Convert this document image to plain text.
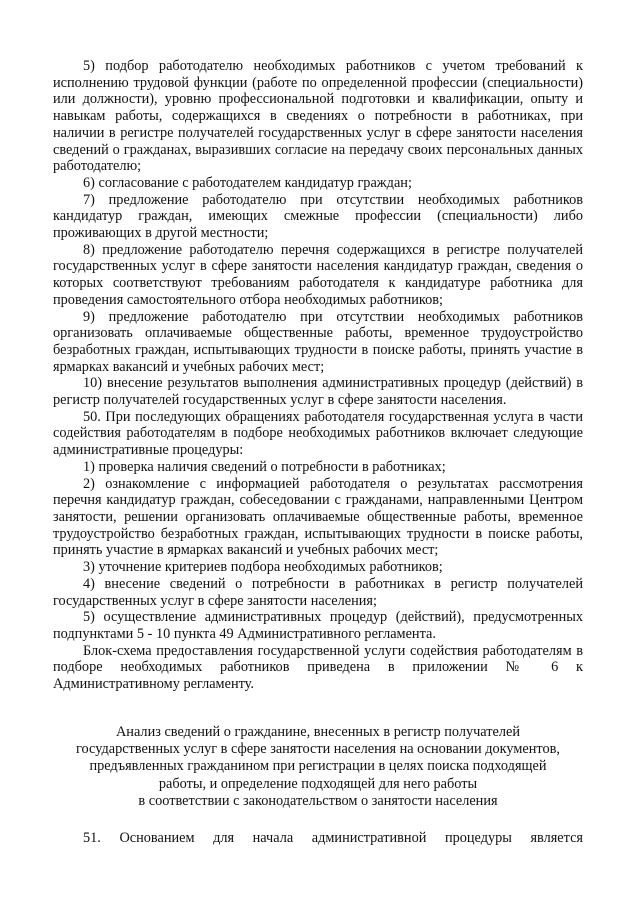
5) подбор работодателю необходимых работников с учетом требований к исполнению трудовой функции (работе по определенной профессии (специальности) или должности), уровню профессиональной подготовки и квалификации, опыту и навыкам работы, содержащихся в сведениях о потребности в работниках, при наличии в регистре получателей государственных услуг в сфере занятости населения сведений о гражданах, выразивших согласие на передачу своих персональных данных работодателю;

6) согласование с работодателем кандидатур граждан;

7) предложение работодателю при отсутствии необходимых работников кандидатур граждан, имеющих смежные профессии (специальности) либо проживающих в другой местности;

8) предложение работодателю перечня содержащихся в регистре получателей государственных услуг в сфере занятости населения кандидатур граждан, сведения о которых соответствуют требованиям работодателя к кандидатуре работника для проведения самостоятельного отбора необходимых работников;

9) предложение работодателю при отсутствии необходимых работников организовать оплачиваемые общественные работы, временное трудоустройство безработных граждан, испытывающих трудности в поиске работы, принять участие в ярмарках вакансий и учебных рабочих мест;

10) внесение результатов выполнения административных процедур (действий) в регистр получателей государственных услуг в сфере занятости населения.

50. При последующих обращениях работодателя государственная услуга в части содействия работодателям в подборе необходимых работников включает следующие административные процедуры:

1) проверка наличия сведений о потребности в работниках;

2) ознакомление с информацией работодателя о результатах рассмотрения перечня кандидатур граждан, собеседовании с гражданами, направленными Центром занятости, решении организовать оплачиваемые общественные работы, временное трудоустройство безработных граждан, испытывающих трудности в поиске работы, принять участие в ярмарках вакансий и учебных рабочих мест;

3) уточнение критериев подбора необходимых работников;

4) внесение сведений о потребности в работниках в регистр получателей государственных услуг в сфере занятости населения;

5) осуществление административных процедур (действий), предусмотренных подпунктами 5 - 10 пункта 49 Административного регламента.

Блок-схема предоставления государственной услуги содействия работодателям в подборе необходимых работников приведена в приложении № 6 к Административному регламенту.

Анализ сведений о гражданине, внесенных в регистр получателей
государственных услуг в сфере занятости населения на основании документов,
предъявленных гражданином при регистрации в целях поиска подходящей
работы, и определение подходящей для него работы
в соответствии с законодательством о занятости населения

51. Основанием для начала административной процедуры является
